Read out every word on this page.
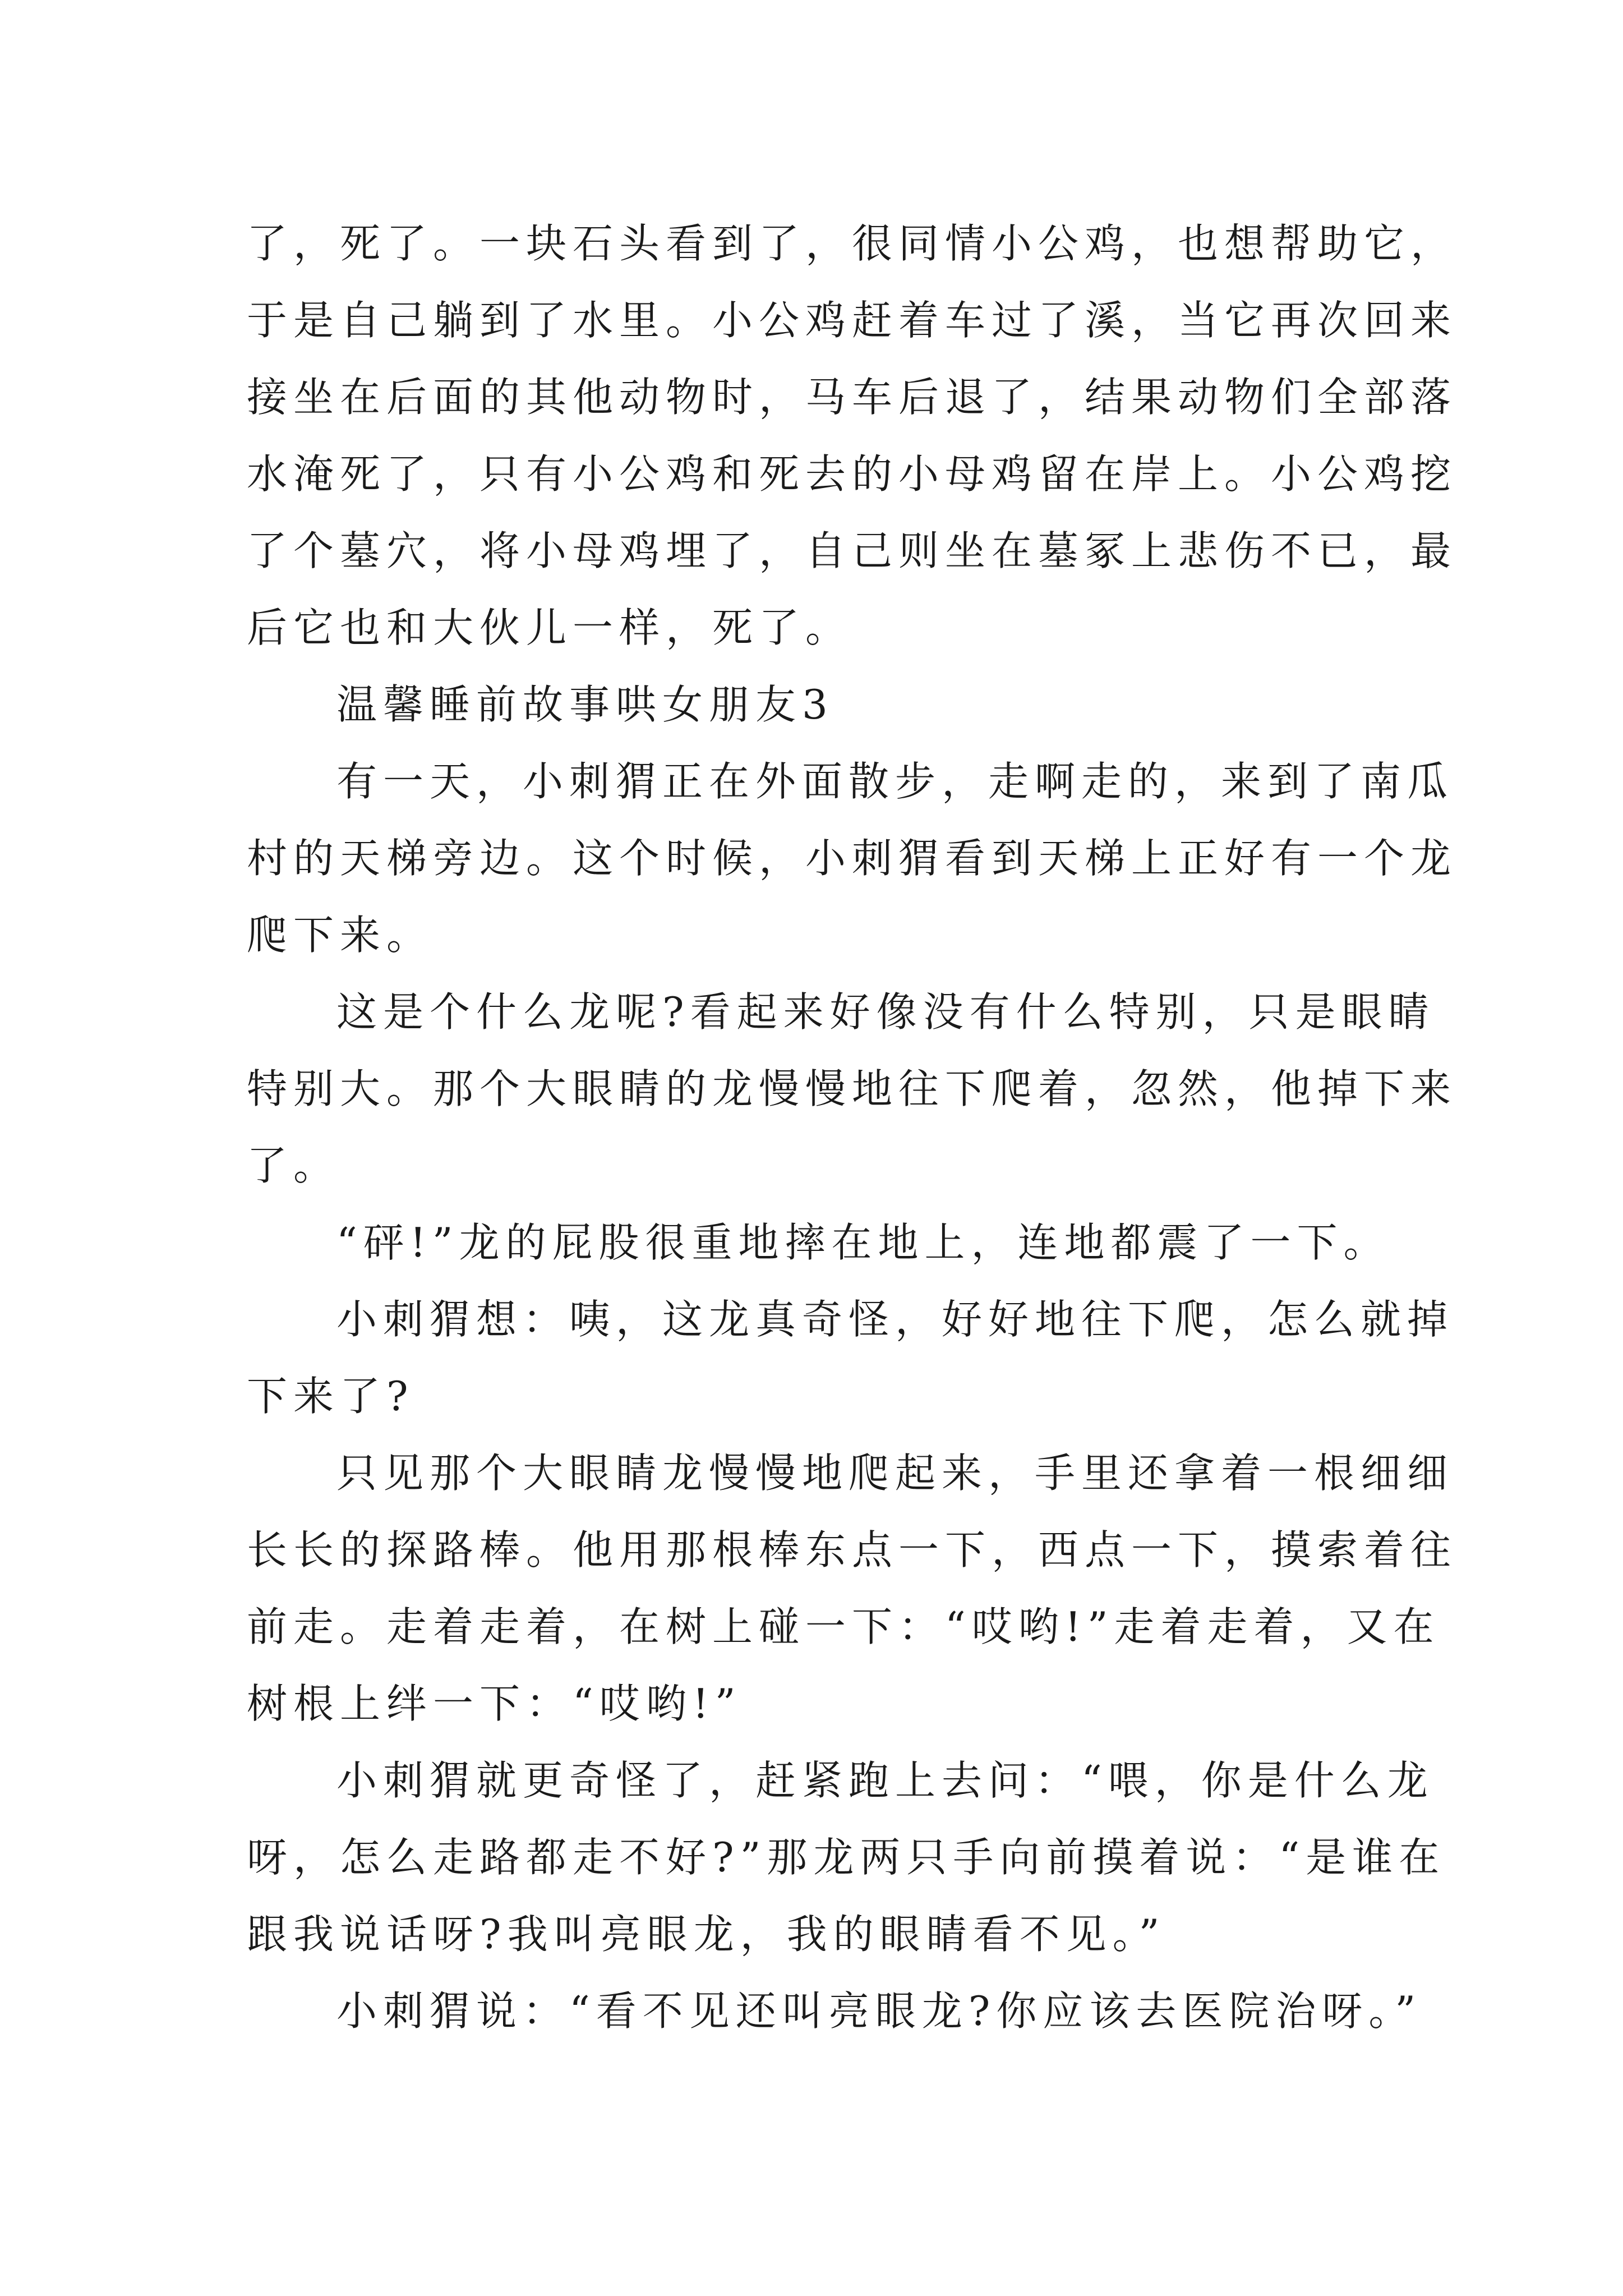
了，死了。一块石头看到了，很同情小公鸡，也想帮助它，
于是自己躺到了水里。小公鸡赶着车过了溪，当它再次回来
接坐在后面的其他动物时，马车后退了，结果动物们全部落
水淹死了，只有小公鸡和死去的小母鸡留在岸上。小公鸡挖
了个墓穴，将小母鸡埋了，自己则坐在墓冢上悲伤不已，最
后它也和大伙儿一样，死了。
温馨睡前故事哄女朋友3
有一天，小刺猬正在外面散步，走啊走的，来到了南瓜
村的天梯旁边。这个时候，小刺猬看到天梯上正好有一个龙
爬下来。
这是个什么龙呢?看起来好像没有什么特别，只是眼睛
特别大。那个大眼睛的龙慢慢地往下爬着，忽然，他掉下来
了。
“砰!”龙的屁股很重地摔在地上，连地都震了一下。
小刺猬想：咦，这龙真奇怪，好好地往下爬，怎么就掉
下来了?
只见那个大眼睛龙慢慢地爬起来，手里还拿着一根细细
长长的探路棒。他用那根棒东点一下，西点一下，摸索着往
前走。走着走着，在树上碰一下：“哎哟!”走着走着，又在
树根上绊一下：“哎哟!”
小刺猬就更奇怪了，赶紧跑上去问：“喂，你是什么龙
呀，怎么走路都走不好?”那龙两只手向前摸着说：“是谁在
跟我说话呀?我叫亮眼龙，我的眼睛看不见。”
小刺猬说：“看不见还叫亮眼龙?你应该去医院治呀。”
